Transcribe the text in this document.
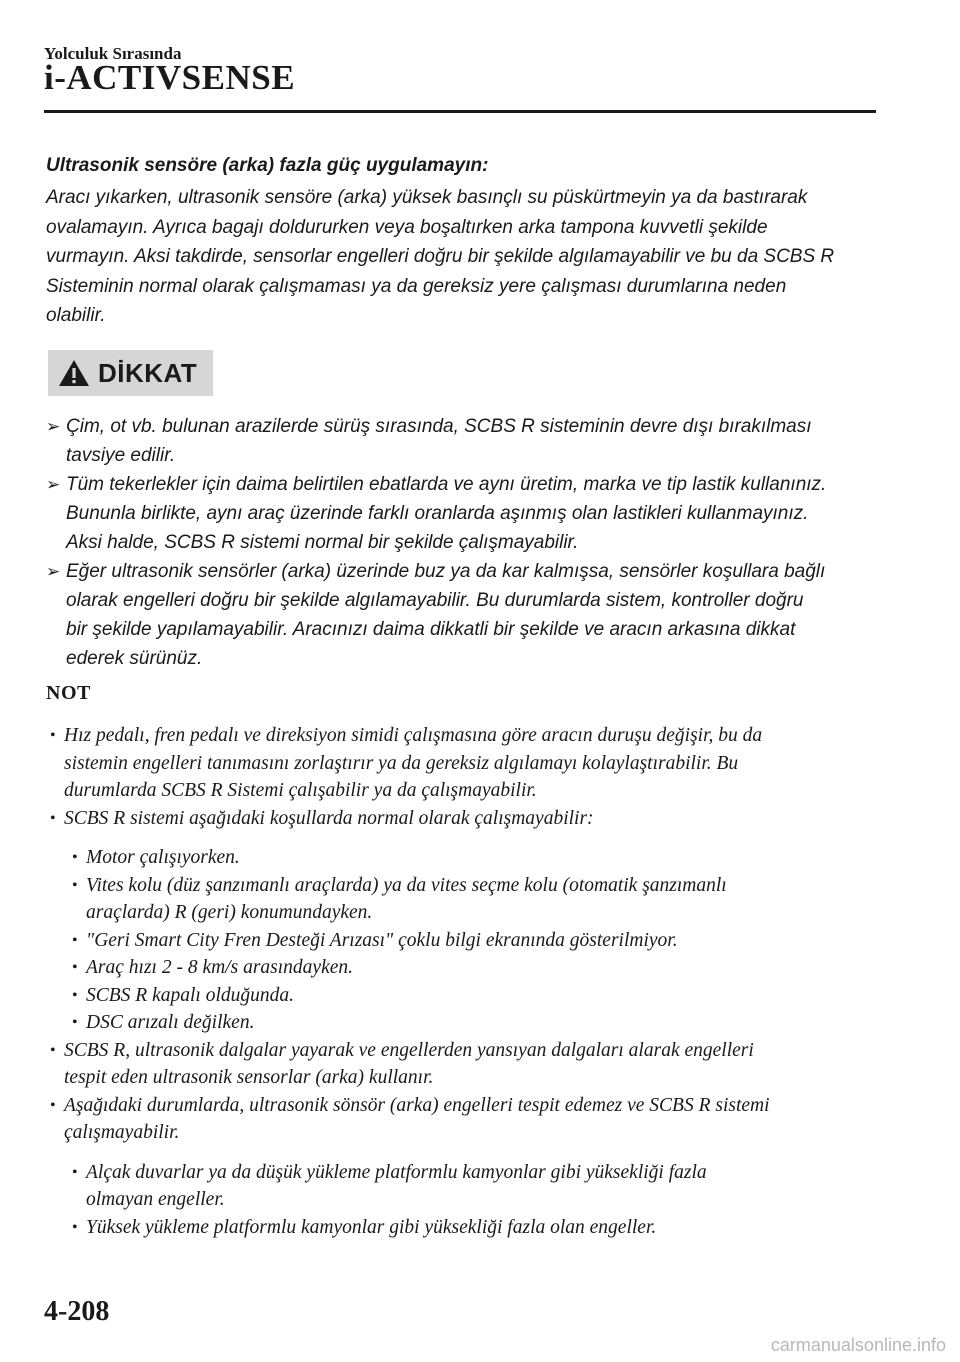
Yolculuk Sırasında
i-ACTIVSENSE

Ultrasonik sensöre (arka) fazla güç uygulamayın:

Aracı yıkarken, ultrasonik sensöre (arka) yüksek basınçlı su püskürtmeyin ya da bastırarak
ovalamayın. Ayrıca bagajı doldururken veya boşaltırken arka tampona kuvvetli şekilde
vurmayın. Aksi takdirde, sensorlar engelleri doğru bir şekilde algılamayabilir ve bu da SCBS R
Sisteminin normal olarak çalışmaması ya da gereksiz yere çalışması durumlarına neden
olabilir.

DİKKAT
➢ Çim, ot vb. bulunan arazilerde sürüş sırasında, SCBS R sisteminin devre dışı bırakılması
tavsiye edilir.
➢ Tüm tekerlekler için daima belirtilen ebatlarda ve aynı üretim, marka ve tip lastik kullanınız.
Bununla birlikte, aynı araç üzerinde farklı oranlarda aşınmış olan lastikleri kullanmayınız.
Aksi halde, SCBS R sistemi normal bir şekilde çalışmayabilir.
➢ Eğer ultrasonik sensörler (arka) üzerinde buz ya da kar kalmışsa, sensörler koşullara bağlı
olarak engelleri doğru bir şekilde algılamayabilir. Bu durumlarda sistem, kontroller doğru
bir şekilde yapılamayabilir. Aracınızı daima dikkatli bir şekilde ve aracın arkasına dikkat
ederek sürünüz.
NOT

• Hız pedalı, fren pedalı ve direksiyon simidi çalışmasına göre aracın duruşu değişir, bu da
sistemin engelleri tanımasını zorlaştırır ya da gereksiz algılamayı kolaylaştırabilir. Bu
durumlarda SCBS R Sistemi çalışabilir ya da çalışmayabilir.

• SCBS R sistemi aşağıdaki koşullarda normal olarak çalışmayabilir:

• Motor çalışıyorken.

• Vites kolu (düz şanzımanlı araçlarda) ya da vites seçme kolu (otomatik şanzımanlı
araçlarda) R (geri) konumundayken.

• "Geri Smart City Fren Desteği Arızası" çoklu bilgi ekranında gösterilmiyor.

• Araç hızı 2 - 8 km/s arasındayken.

• SCBS R kapalı olduğunda.

• DSC arızalı değilken.

• SCBS R, ultrasonik dalgalar yayarak ve engellerden yansıyan dalgaları alarak engelleri
tespit eden ultrasonik sensorlar (arka) kullanır.

• Aşağıdaki durumlarda, ultrasonik sönsör (arka) engelleri tespit edemez ve SCBS R sistemi
çalışmayabilir.

• Alçak duvarlar ya da düşük yükleme platformlu kamyonlar gibi yüksekliği fazla
olmayan engeller.

• Yüksek yükleme platformlu kamyonlar gibi yüksekliği fazla olan engeller.

4-208
carmanualsonline.info
